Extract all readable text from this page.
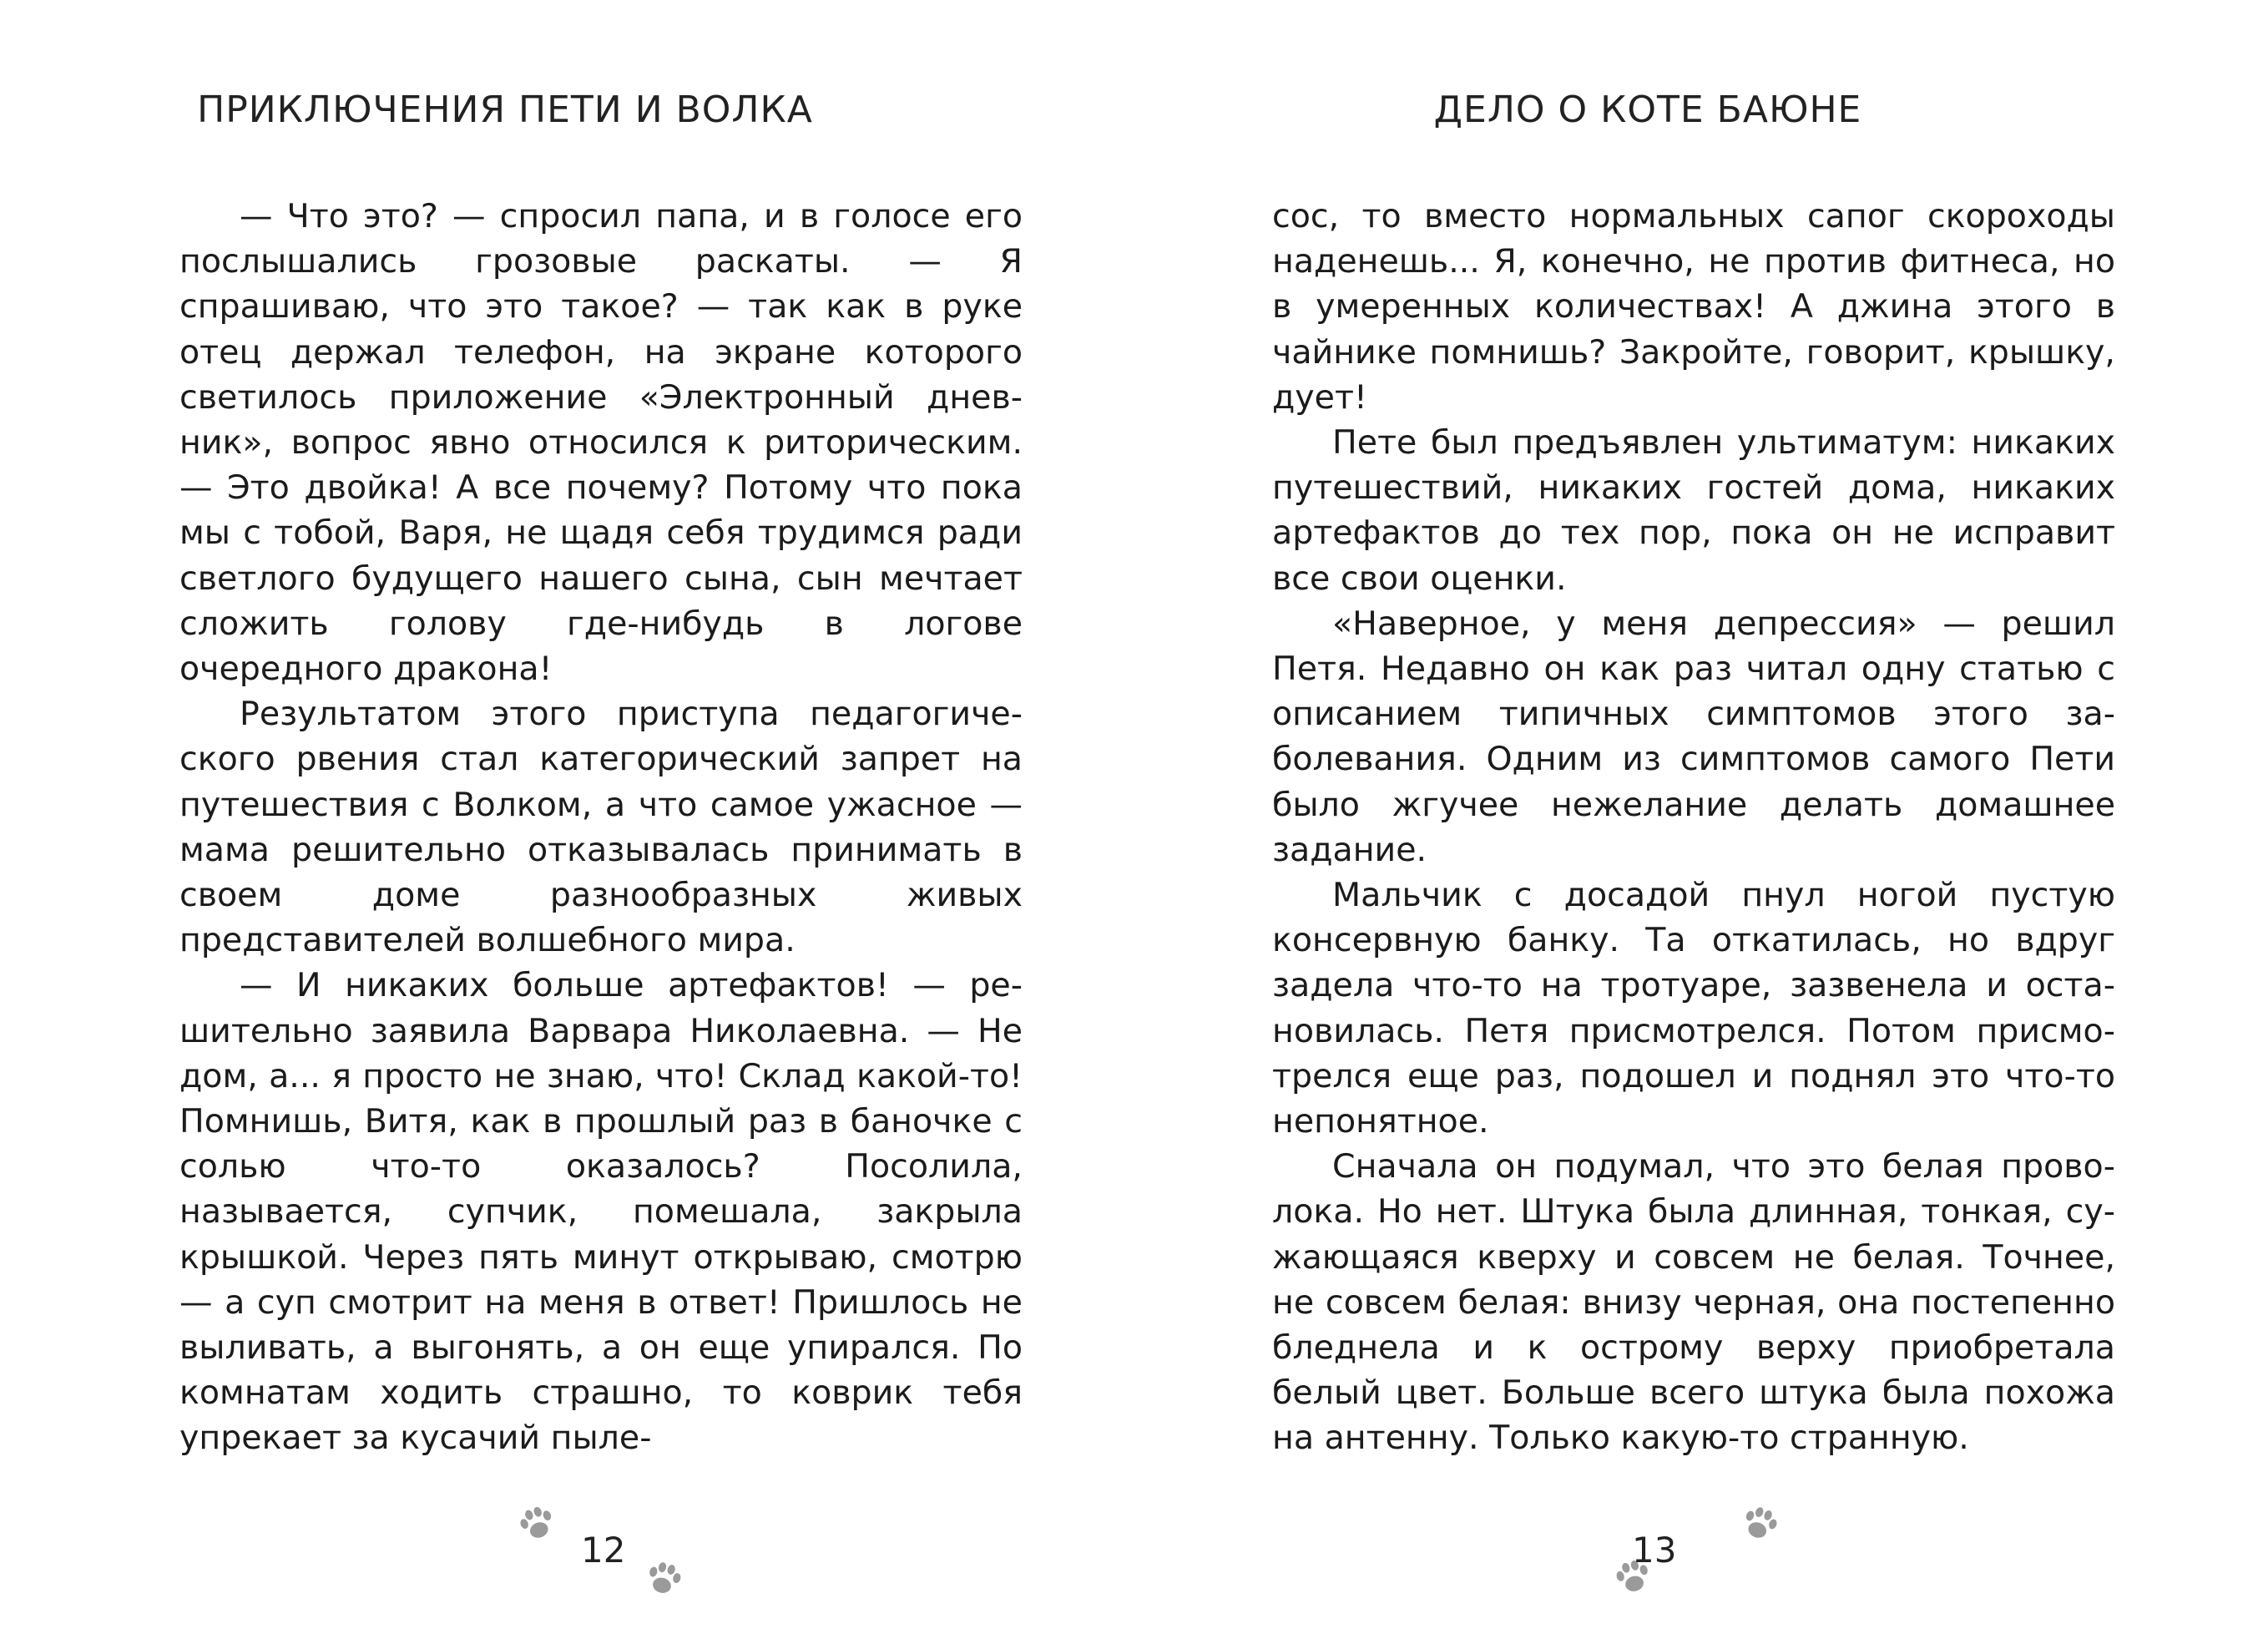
ПРИКЛЮЧЕНИЯ ПЕТИ И ВОЛКА

— Что это? — спросил папа, и в голосе его послышались грозовые раскаты. — Я спрашиваю, что это такое? — так как в руке отец держал телефон, на экране которого светилось приложение «Электронный дневник», вопрос явно относился к риторическим. — Это двойка! А все почему? Потому что пока мы с тобой, Варя, не щадя себя трудимся ради светлого будущего нашего сына, сын мечтает сложить голову где-нибудь в логове очередного дракона!

Результатом этого приступа педагогического рвения стал категорический запрет на путешествия с Волком, а что самое ужасное — мама решительно отказывалась принимать в своем доме разнообразных живых представителей волшебного мира.

— И никаких больше артефактов! — решительно заявила Варвара Николаевна. — Не дом, а... я просто не знаю, что! Склад какой-то! Помнишь, Витя, как в прошлый раз в баночке с солью что-то оказалось? Посолила, называется, супчик, помешала, закрыла крышкой. Через пять минут открываю, смотрю — а суп смотрит на меня в ответ! Пришлось не выливать, а выгонять, а он еще упирался. По комнатам ходить страшно, то коврик тебя упрекает за кусачий пыле-

12
ДЕЛО О КОТЕ БАЮНЕ

сос, то вместо нормальных сапог скороходы наденешь... Я, конечно, не против фитнеса, но в умеренных количествах! А джина этого в чайнике помнишь? Закройте, говорит, крышку, дует!

Пете был предъявлен ультиматум: никаких путешествий, никаких гостей дома, никаких артефактов до тех пор, пока он не исправит все свои оценки.

«Наверное, у меня депрессия» — решил Петя. Недавно он как раз читал одну статью с описанием типичных симптомов этого заболевания. Одним из симптомов самого Пети было жгучее нежелание делать домашнее задание.

Мальчик с досадой пнул ногой пустую консервную банку. Та откатилась, но вдруг задела что-то на тротуаре, зазвенела и остановилась. Петя присмотрелся. Потом присмотрелся еще раз, подошел и поднял это что-то непонятное.

Сначала он подумал, что это белая проволока. Но нет. Штука была длинная, тонкая, сужающаяся кверху и совсем не белая. Точнее, не совсем белая: внизу черная, она постепенно бледнела и к острому верху приобретала белый цвет. Больше всего штука была похожа на антенну. Только какую-то странную.

13
